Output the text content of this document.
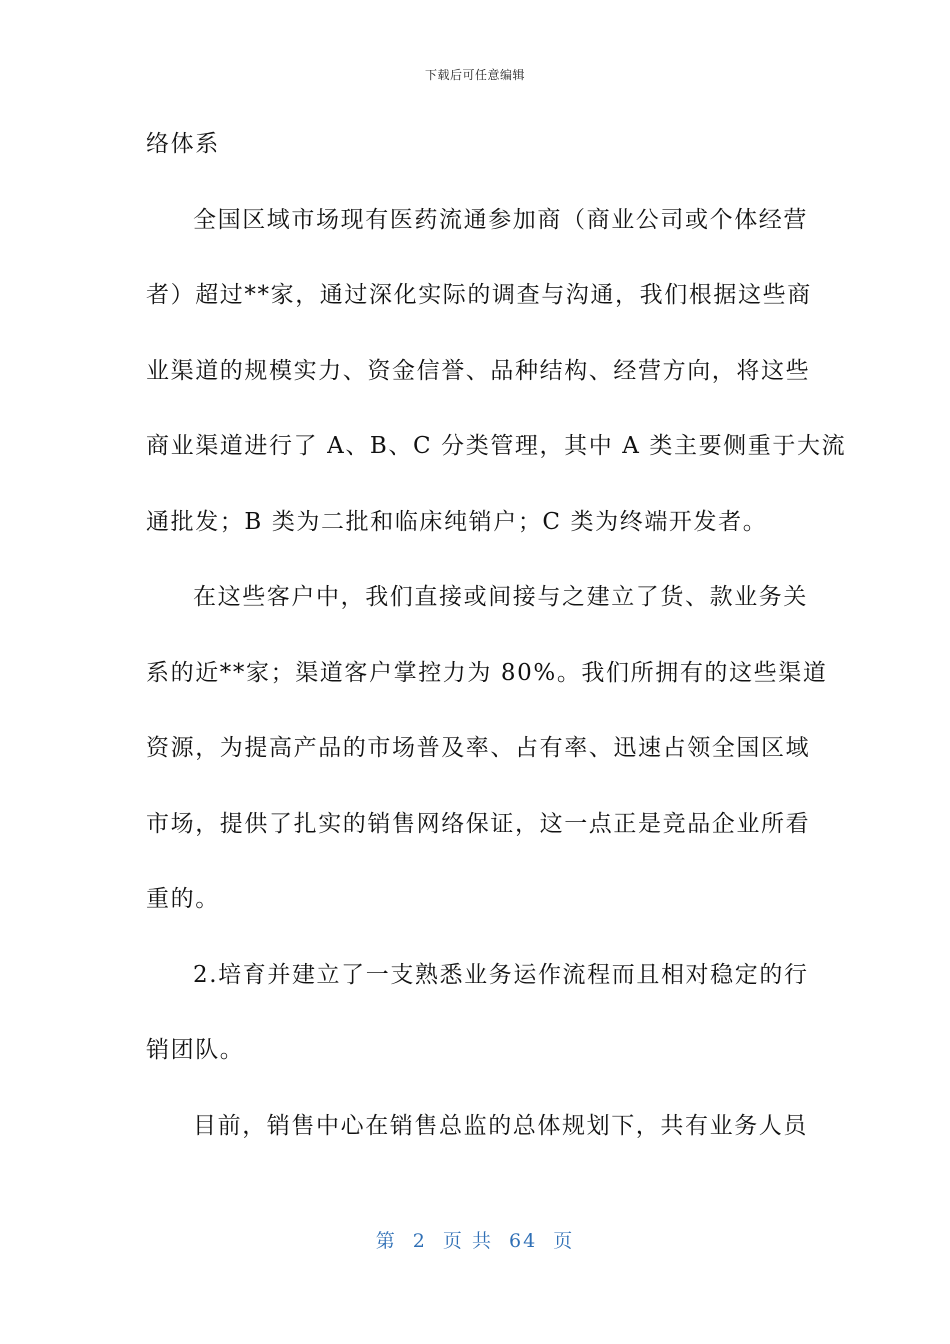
下载后可任意编辑
络体系
全国区域市场现有医药流通参加商（商业公司或个体经营
者）超过**家，通过深化实际的调查与沟通，我们根据这些商
业渠道的规模实力、资金信誉、品种结构、经营方向，将这些
商业渠道进行了 A、B、C 分类管理，其中 A 类主要侧重于大流
通批发；B 类为二批和临床纯销户；C 类为终端开发者。
在这些客户中，我们直接或间接与之建立了货、款业务关
系的近**家；渠道客户掌控力为 80%。我们所拥有的这些渠道
资源，为提高产品的市场普及率、占有率、迅速占领全国区域
市场，提供了扎实的销售网络保证，这一点正是竞品企业所看
重的。
2.培育并建立了一支熟悉业务运作流程而且相对稳定的行
销团队。
目前，销售中心在销售总监的总体规划下，共有业务人员
第 2 页 共 64 页
